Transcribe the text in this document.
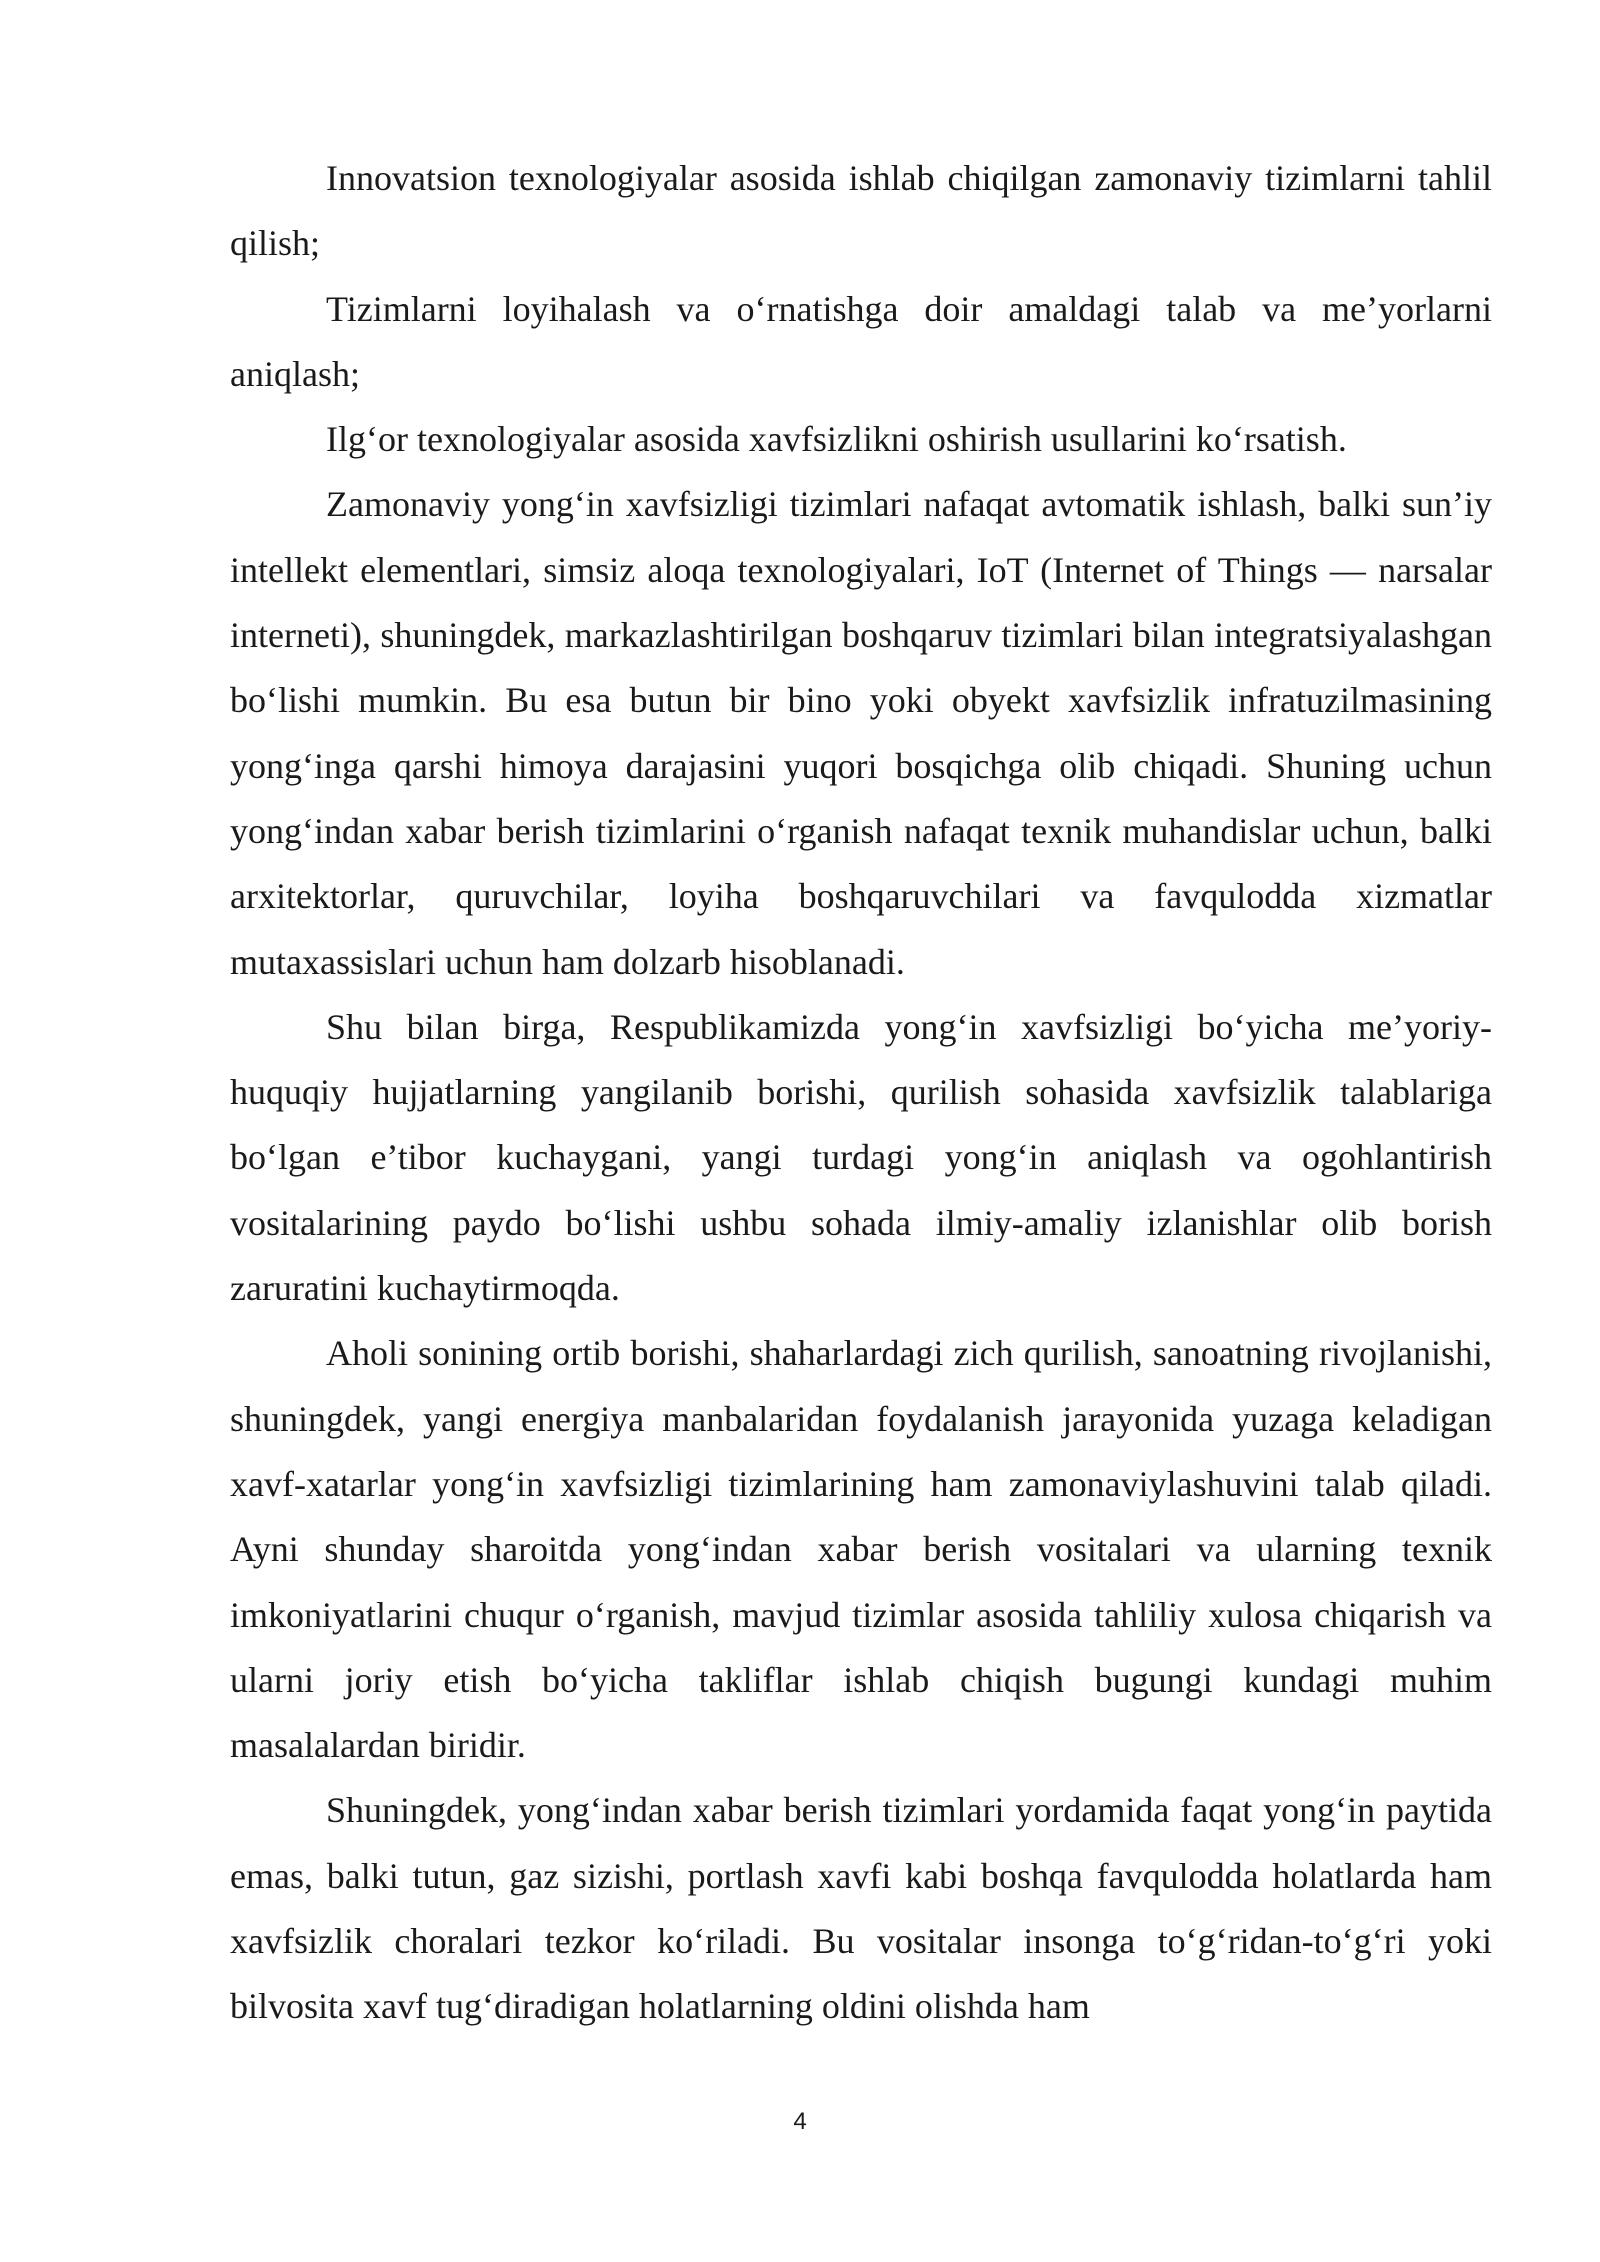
Innovatsion texnologiyalar asosida ishlab chiqilgan zamonaviy tizimlarni tahlil qilish;

Tizimlarni loyihalash va o‘rnatishga doir amaldagi talab va me’yorlarni aniqlash;

Ilg‘or texnologiyalar asosida xavfsizlikni oshirish usullarini ko‘rsatish.

Zamonaviy yong‘in xavfsizligi tizimlari nafaqat avtomatik ishlash, balki sun’iy intellekt elementlari, simsiz aloqa texnologiyalari, IoT (Internet of Things — narsalar interneti), shuningdek, markazlashtirilgan boshqaruv tizimlari bilan integratsiyalashgan bo‘lishi mumkin. Bu esa butun bir bino yoki obyekt xavfsizlik infratuzilmasining yong‘inga qarshi himoya darajasini yuqori bosqichga olib chiqadi. Shuning uchun yong‘indan xabar berish tizimlarini o‘rganish nafaqat texnik muhandislar uchun, balki arxitektorlar, quruvchilar, loyiha boshqaruvchilari va favqulodda xizmatlar mutaxassislari uchun ham dolzarb hisoblanadi.

Shu bilan birga, Respublikamizda yong‘in xavfsizligi bo‘yicha me’yoriy-huquqiy hujjatlarning yangilanib borishi, qurilish sohasida xavfsizlik talablariga bo‘lgan e’tibor kuchaygani, yangi turdagi yong‘in aniqlash va ogohlantirish vositalarining paydo bo‘lishi ushbu sohada ilmiy-amaliy izlanishlar olib borish zaruratini kuchaytirmoqda.

Aholi sonining ortib borishi, shaharlardagi zich qurilish, sanoatning rivojlanishi, shuningdek, yangi energiya manbalaridan foydalanish jarayonida yuzaga keladigan xavf-xatarlar yong‘in xavfsizligi tizimlarining ham zamonaviylashuvini talab qiladi. Ayni shunday sharoitda yong‘indan xabar berish vositalari va ularning texnik imkoniyatlarini chuqur o‘rganish, mavjud tizimlar asosida tahliliy xulosa chiqarish va ularni joriy etish bo‘yicha takliflar ishlab chiqish bugungi kundagi muhim masalalardan biridir.

Shuningdek, yong‘indan xabar berish tizimlari yordamida faqat yong‘in paytida emas, balki tutun, gaz sizishi, portlash xavfi kabi boshqa favqulodda holatlarda ham xavfsizlik choralari tezkor ko‘riladi. Bu vositalar insonga to‘g‘ridan-to‘g‘ri yoki bilvosita xavf tug‘diradigan holatlarning oldini olishda ham

4
